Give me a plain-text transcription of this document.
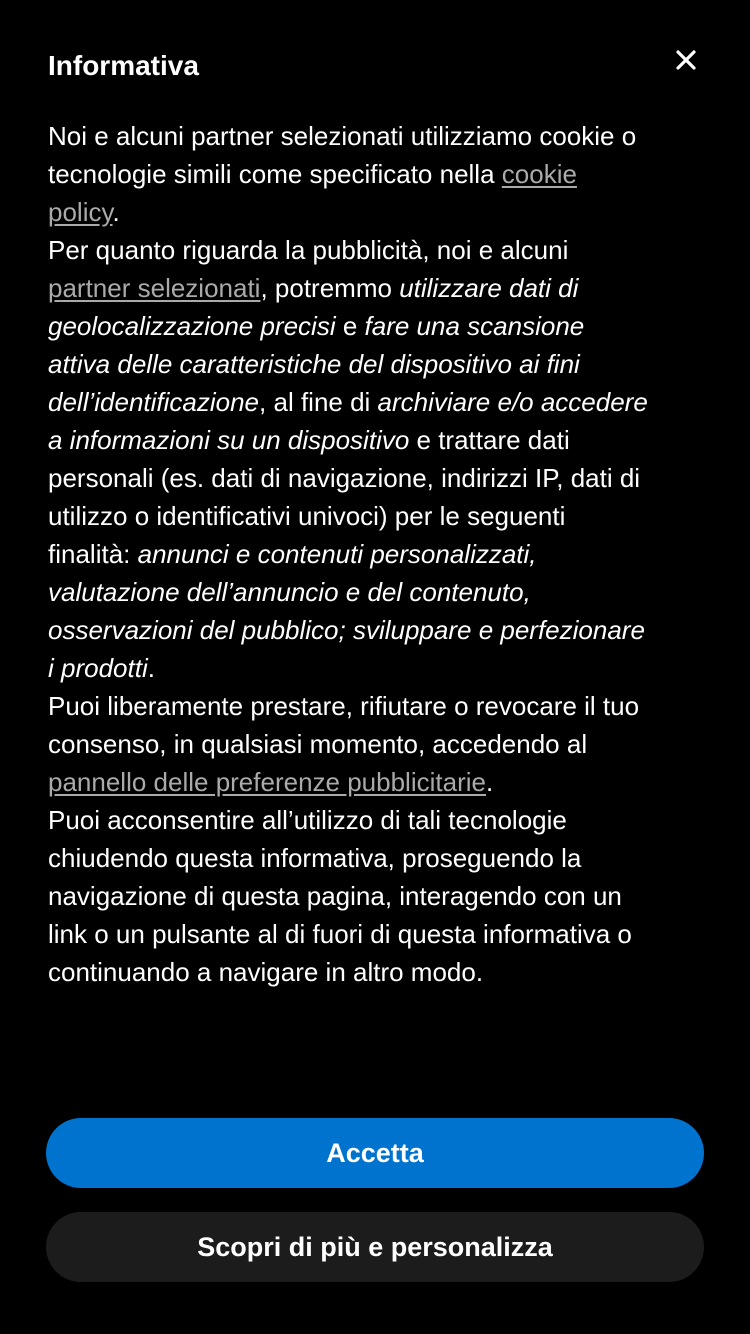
Informativa

Noi e alcuni partner selezionati utilizziamo cookie o tecnologie simili come specificato nella cookie policy.

Per quanto riguarda la pubblicità, noi e alcuni partner selezionati, potremmo utilizzare dati di geolocalizzazione precisi e fare una scansione attiva delle caratteristiche del dispositivo ai fini dell’identificazione, al fine di archiviare e/o accedere a informazioni su un dispositivo e trattare dati personali (es. dati di navigazione, indirizzi IP, dati di utilizzo o identificativi univoci) per le seguenti finalità: annunci e contenuti personalizzati, valutazione dell’annuncio e del contenuto, osservazioni del pubblico; sviluppare e perfezionare i prodotti.

Puoi liberamente prestare, rifiutare o revocare il tuo consenso, in qualsiasi momento, accedendo al pannello delle preferenze pubblicitarie.

Puoi acconsentire all’utilizzo di tali tecnologie chiudendo questa informativa, proseguendo la navigazione di questa pagina, interagendo con un link o un pulsante al di fuori di questa informativa o continuando a navigare in altro modo.

Accetta
Scopri di più e personalizza
